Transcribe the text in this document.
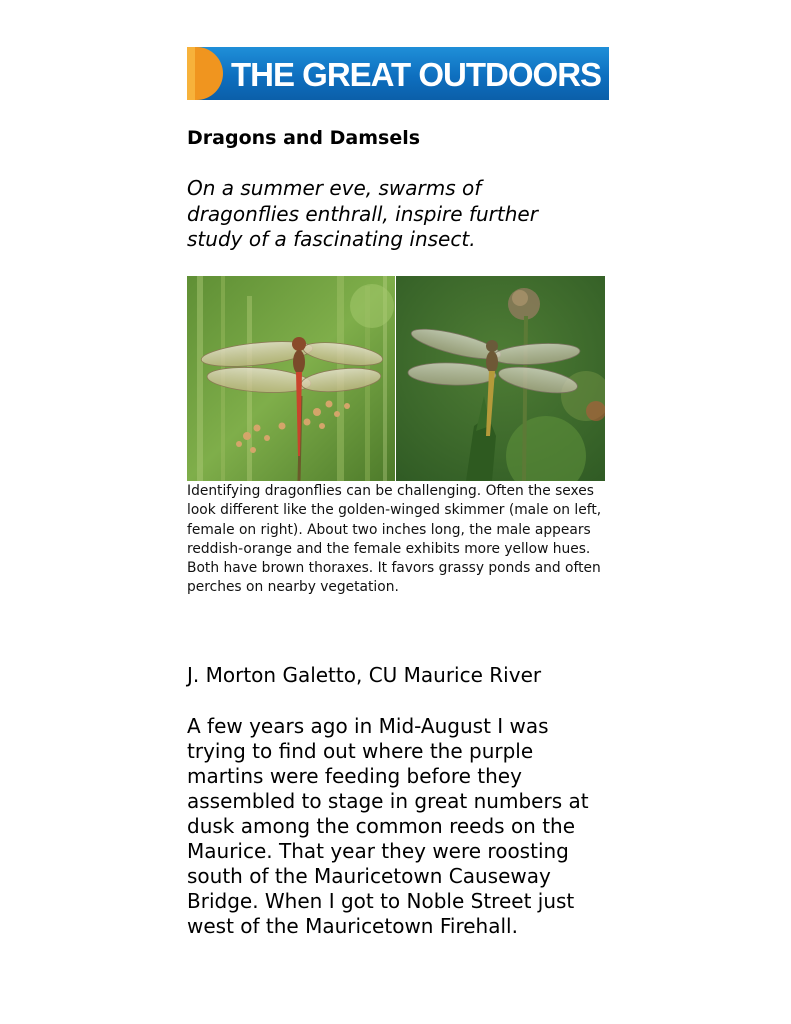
THE GREAT OUTDOORS
Dragons and Damsels
On a summer eve, swarms of dragonflies enthrall, inspire further study of a fascinating insect.
Identifying dragonflies can be challenging. Often the sexes look different like the golden-winged skimmer (male on left, female on right). About two inches long, the male appears reddish-orange and the female exhibits more yellow hues. Both have brown thoraxes. It favors grassy ponds and often perches on nearby vegetation.
J. Morton Galetto, CU Maurice River
A few years ago in Mid-August I was trying to find out where the purple martins were feeding before they assembled to stage in great numbers at dusk among the common reeds on the Maurice. That year they were roosting south of the Mauricetown Causeway Bridge. When I got to Noble Street just west of the Mauricetown Firehall.
